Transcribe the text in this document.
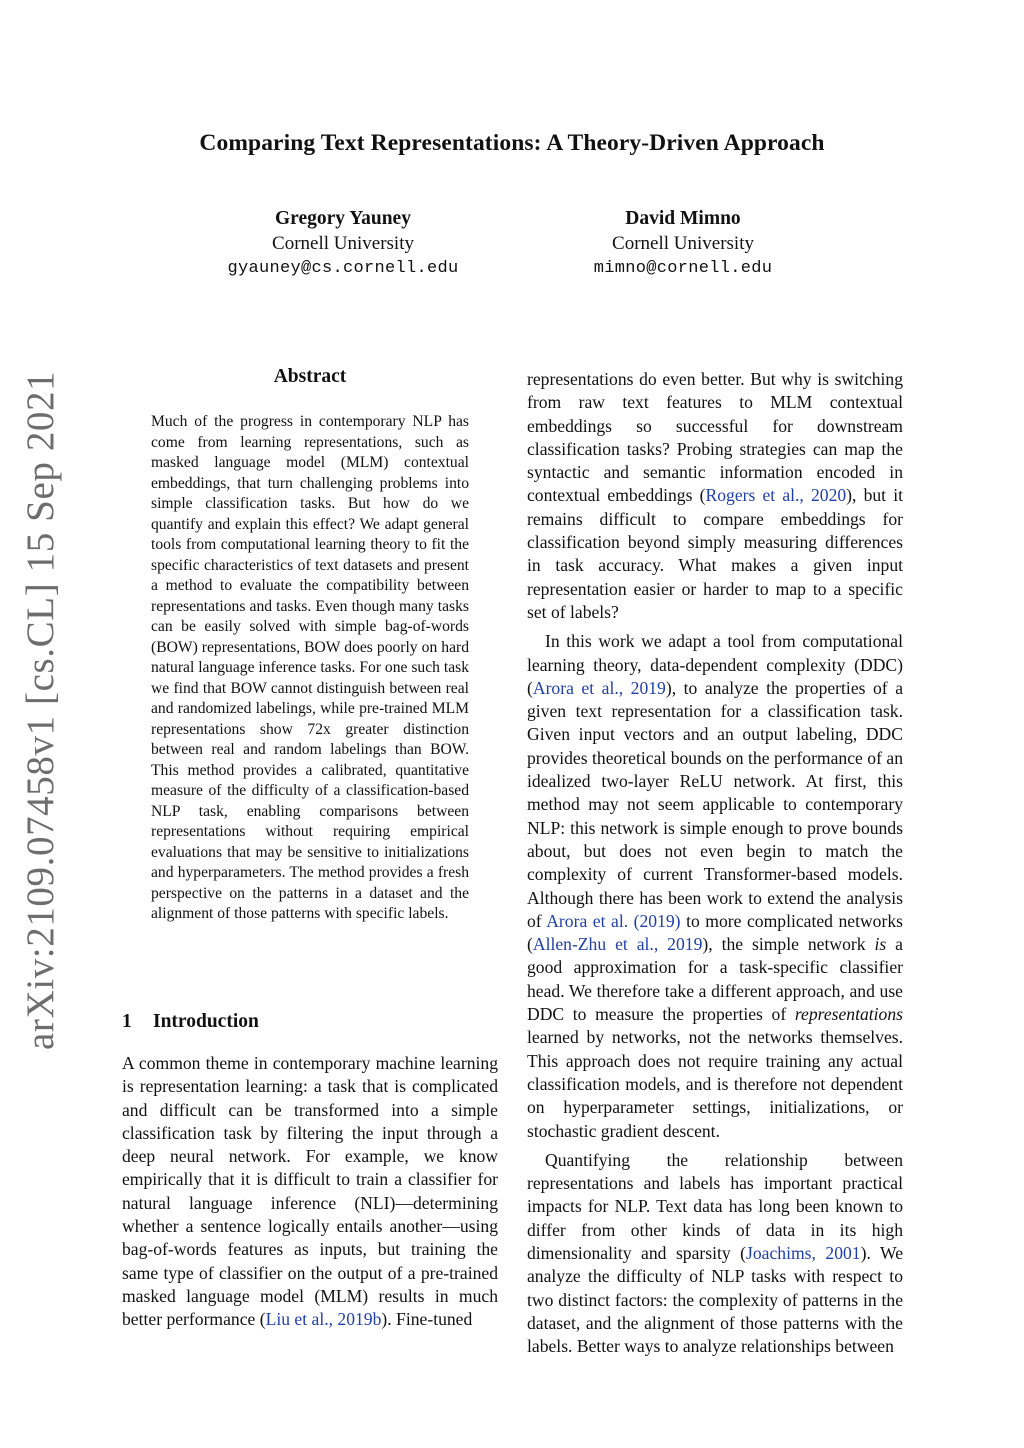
Comparing Text Representations: A Theory-Driven Approach
Gregory Yauney
Cornell University
gyauney@cs.cornell.edu
David Mimno
Cornell University
mimno@cornell.edu
arXiv:2109.07458v1 [cs.CL] 15 Sep 2021	Abstract
Much of the progress in contemporary NLP has come from learning representations, such as masked language model (MLM) contextual embeddings, that turn challenging problems into simple classification tasks. But how do we quantify and explain this effect? We adapt general tools from computational learning theory to fit the specific characteristics of text datasets and present a method to evaluate the compatibility between representations and tasks. Even though many tasks can be easily solved with simple bag-of-words (BOW) representations, BOW does poorly on hard natural language inference tasks. For one such task we find that BOW cannot distinguish between real and randomized labelings, while pre-trained MLM representations show 72x greater distinction between real and random labelings than BOW. This method provides a calibrated, quantitative measure of the difficulty of a classification-based NLP task, enabling comparisons between representations without requiring empirical evaluations that may be sensitive to initializations and hyperparameters. The method provides a fresh perspective on the patterns in a dataset and the alignment of those patterns with specific labels.
1 Introduction

A common theme in contemporary machine learning is representation learning: a task that is complicated and difficult can be transformed into a simple classification task by filtering the input through a deep neural network. For example, we know empirically that it is difficult to train a classifier for natural language inference (NLI)—determining whether a sentence logically entails another—using bag-of-words features as inputs, but training the same type of classifier on the output of a pre-trained masked language model (MLM) results in much better performance (Liu et al., 2019b). Fine-tuned

representations do even better. But why is switching from raw text features to MLM contextual embeddings so successful for downstream classification tasks? Probing strategies can map the syntactic and semantic information encoded in contextual embeddings (Rogers et al., 2020), but it remains difficult to compare embeddings for classification beyond simply measuring differences in task accuracy. What makes a given input representation easier or harder to map to a specific set of labels?

In this work we adapt a tool from computational learning theory, data-dependent complexity (DDC) (Arora et al., 2019), to analyze the properties of a given text representation for a classification task. Given input vectors and an output labeling, DDC provides theoretical bounds on the performance of an idealized two-layer ReLU network. At first, this method may not seem applicable to contemporary NLP: this network is simple enough to prove bounds about, but does not even begin to match the complexity of current Transformer-based models. Although there has been work to extend the analysis of Arora et al. (2019) to more complicated networks (Allen-Zhu et al., 2019), the simple network is a good approximation for a task-specific classifier head. We therefore take a different approach, and use DDC to measure the properties of representations learned by networks, not the networks themselves. This approach does not require training any actual classification models, and is therefore not dependent on hyperparameter settings, initializations, or stochastic gradient descent.

Quantifying the relationship between representations and labels has important practical impacts for NLP. Text data has long been known to differ from other kinds of data in its high dimensionality and sparsity (Joachims, 2001). We analyze the difficulty of NLP tasks with respect to two distinct factors: the complexity of patterns in the dataset, and the alignment of those patterns with the labels. Better ways to analyze relationships between
